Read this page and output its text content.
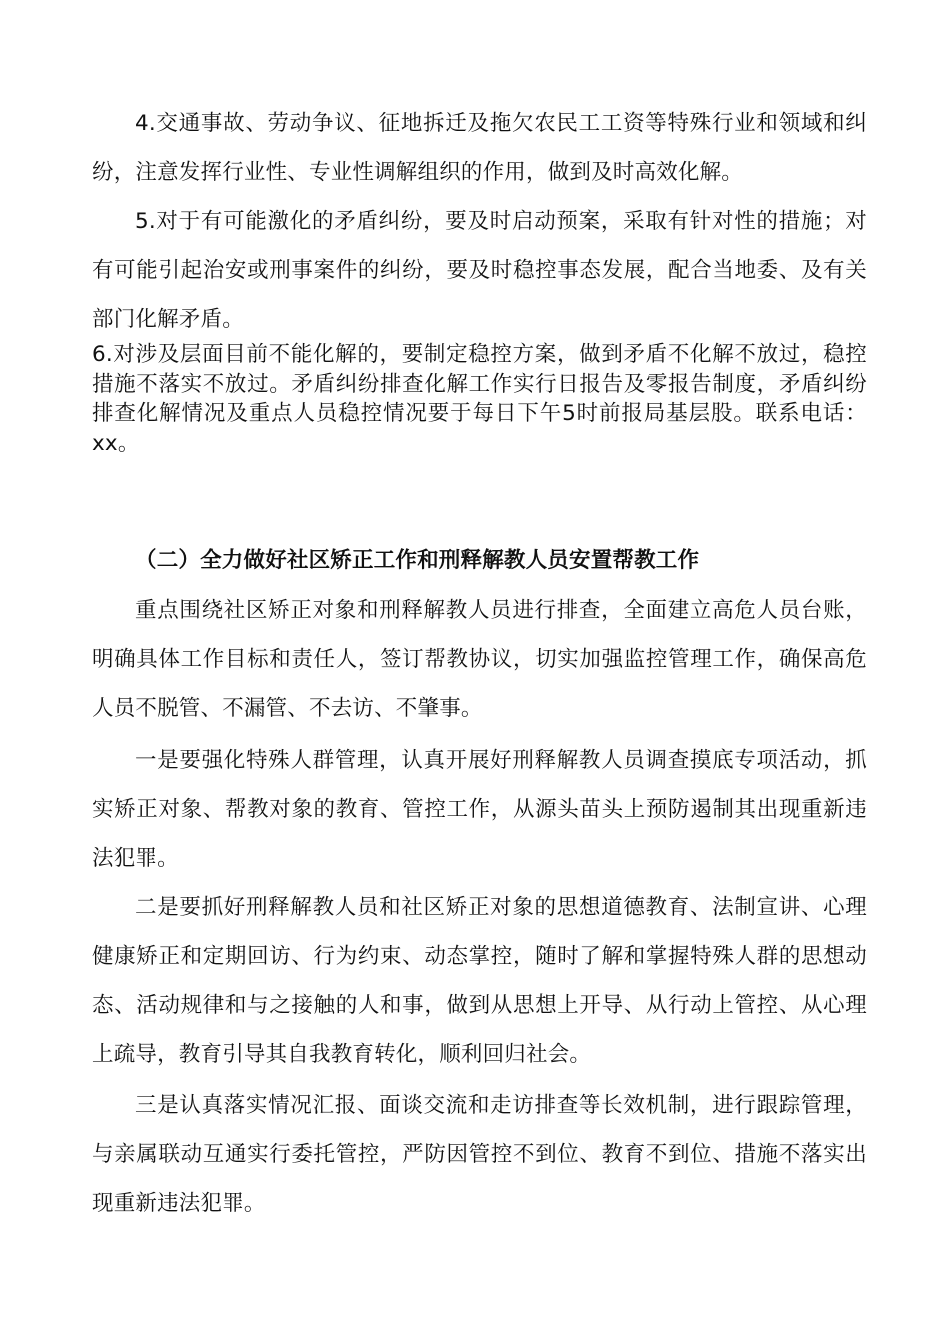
4.交通事故、劳动争议、征地拆迁及拖欠农民工工资等特殊行业和领域和纠纷，注意发挥行业性、专业性调解组织的作用，做到及时高效化解。

5.对于有可能激化的矛盾纠纷，要及时启动预案，采取有针对性的措施；对有可能引起治安或刑事案件的纠纷，要及时稳控事态发展，配合当地委、及有关部门化解矛盾。

6.对涉及层面目前不能化解的，要制定稳控方案，做到矛盾不化解不放过，稳控措施不落实不放过。矛盾纠纷排查化解工作实行日报告及零报告制度，矛盾纠纷排查化解情况及重点人员稳控情况要于每日下午5时前报局基层股。联系电话：xx。

（二）全力做好社区矫正工作和刑释解教人员安置帮教工作

重点围绕社区矫正对象和刑释解教人员进行排查，全面建立高危人员台账，明确具体工作目标和责任人，签订帮教协议，切实加强监控管理工作，确保高危人员不脱管、不漏管、不去访、不肇事。

一是要强化特殊人群管理，认真开展好刑释解教人员调查摸底专项活动，抓实矫正对象、帮教对象的教育、管控工作，从源头苗头上预防遏制其出现重新违法犯罪。

二是要抓好刑释解教人员和社区矫正对象的思想道德教育、法制宣讲、心理健康矫正和定期回访、行为约束、动态掌控，随时了解和掌握特殊人群的思想动态、活动规律和与之接触的人和事，做到从思想上开导、从行动上管控、从心理上疏导，教育引导其自我教育转化，顺利回归社会。

三是认真落实情况汇报、面谈交流和走访排查等长效机制，进行跟踪管理，与亲属联动互通实行委托管控，严防因管控不到位、教育不到位、措施不落实出现重新违法犯罪。
